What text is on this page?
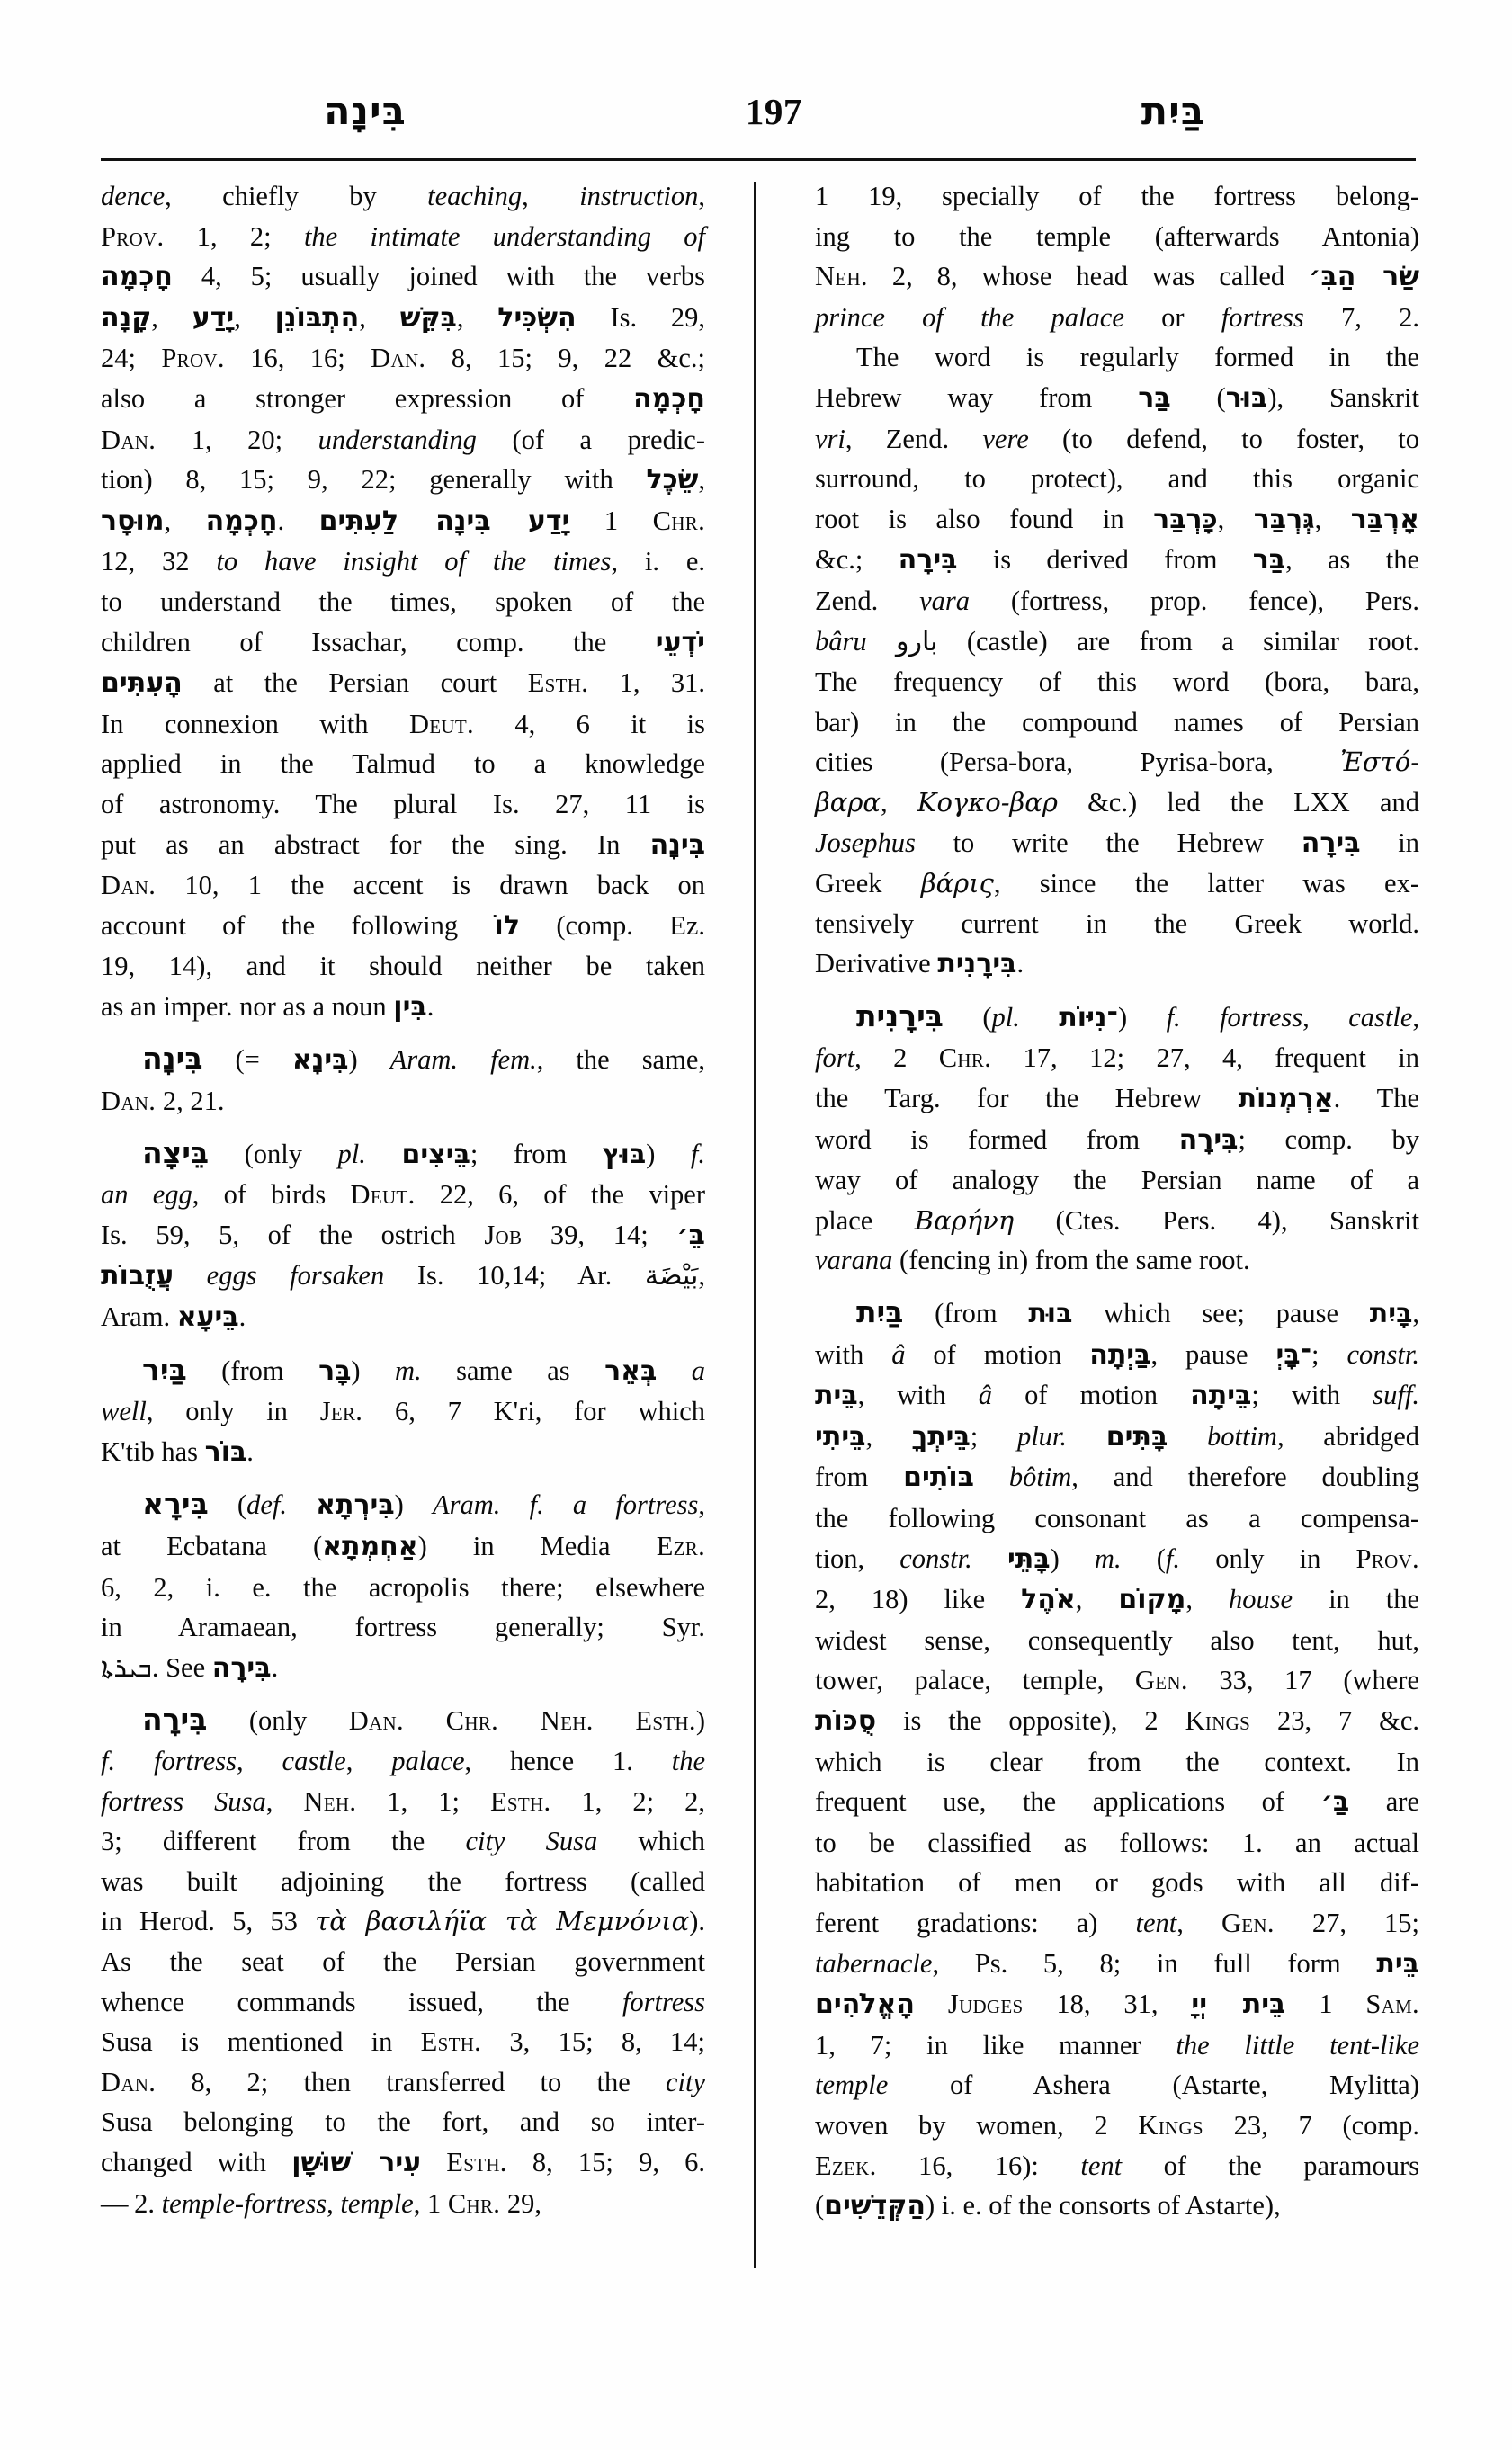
בִּינָה	197	בַּיִת

dence, chiefly by teaching, instruction,

Prov. 1, 2; the intimate understanding of

חָכְמָה 4, 5; usually joined with the verbs

קָנָה, יָדַע, הִתְבּוֹנֵן, בִּקֵּשׁ, הִשְׂכִּיל Is. 29,

24; Prov. 16, 16; Dan. 8, 15; 9, 22 &c.;

also a stronger expression of חָכְמָה

Dan. 1, 20; understanding (of a predic-

tion) 8, 15; 9, 22; generally with שֵׂכֶל,

מוּסָר, חָכְמָה. יָדַע בִּינָה לַעִתִּים 1 Chr.

12, 32 to have insight of the times, i. e.

to understand the times, spoken of the

children of Issachar, comp. the יֹדְעֵי

הָעִתִּים at the Persian court Esth. 1, 31.

In connexion with Deut. 4, 6 it is

applied in the Talmud to a knowledge

of astronomy. The plural Is. 27, 11 is

put as an abstract for the sing. In בִּינָה

Dan. 10, 1 the accent is drawn back on

account of the following לוֹ (comp. Ez.

19, 14), and it should neither be taken

as an imper. nor as a noun בִּין.

בִּינָה (= בִּינָא) Aram. fem., the same,

Dan. 2, 21.

בֵּיצָה (only pl. בֵּיצִים; from בּוּץ) f.

an egg, of birds Deut. 22, 6, of the viper

Is. 59, 5, of the ostrich Job 39, 14; בֵּ׳

עֲזֻבוֹת eggs forsaken Is. 10,14; Ar. بَيْضَة,

Aram. בֵּיעָא.

בַּיִר (from בָּר) m. same as בְּאֵר a

well, only in Jer. 6, 7 K'ri, for which

K'tib has בּוֹר.

בִּירָא (def. בִּירְתָא) Aram. f. a fortress,

at Ecbatana (אַחְמְתָא) in Media Ezr.

6, 2, i. e. the acropolis there; elsewhere

in Aramaean, fortress generally; Syr.

ܒܝܪܬܐ. See בִּירָה.

בִּירָה (only Dan. Chr. Neh. Esth.)

f. fortress, castle, palace, hence 1. the

fortress Susa, Neh. 1, 1; Esth. 1, 2; 2,

3; different from the city Susa which

was built adjoining the fortress (called

in Herod. 5, 53 τὰ βασιλήϊα τὰ Μεμνόνια).

As the seat of the Persian government

whence commands issued, the fortress

Susa is mentioned in Esth. 3, 15; 8, 14;

Dan. 8, 2; then transferred to the city

Susa belonging to the fort, and so inter-

changed with עִיר שׁוּשָׁן Esth. 8, 15; 9, 6.

— 2. temple-fortress, temple, 1 Chr. 29,

1 19, specially of the fortress belong-

ing to the temple (afterwards Antonia)

Neh. 2, 8, whose head was called שַׂר הַבִּ׳

prince of the palace or fortress 7, 2.

The word is regularly formed in the

Hebrew way from בַּר (בּוּר), Sanskrit

vri, Zend. vere (to defend, to foster, to

surround, to protect), and this organic

root is also found in כָּרְבַּר, גְּרְבַּר, אָרְבַּר

&c.; בִּירָה is derived from בַּר, as the

Zend. vara (fortress, prop. fence), Pers.

bâru بارو (castle) are from a similar root.

The frequency of this word (bora, bara,

bar) in the compound names of Persian

cities (Persa-bora, Pyrisa-bora, Ἐστό-

βαρα, Κογκο-βαρ &c.) led the LXX and

Josephus to write the Hebrew בִּירָה in

Greek βάρις, since the latter was ex-

tensively current in the Greek world.

Derivative בִּירָנִית.

בִּירָנִית (pl. ־נִיּוֹת) f. fortress, castle,

fort, 2 Chr. 17, 12; 27, 4, frequent in

the Targ. for the Hebrew אַרְמְנוֹת. The

word is formed from בִּירָה; comp. by

way of analogy the Persian name of a

place Βαρήνη (Ctes. Pers. 4), Sanskrit

varana (fencing in) from the same root.

בַּיִת (from בּוּת which see; pause בָּיִת,

with â of motion בַּיְתָה, pause ־בָּיְ; constr.

בֵּית, with â of motion בֵּיתָה; with suff.

בֵּיתִי, בֵּיתְךָ; plur. בָּתִּים bottim, abridged

from בּוֹתִים bôtim, and therefore doubling

the following consonant as a compensa-

tion, constr. בָּתֵּי) m. (f. only in Prov.

2, 18) like אֹהֶל, מָקוֹם, house in the

widest sense, consequently also tent, hut,

tower, palace, temple, Gen. 33, 17 (where

סֻכּוֹת is the opposite), 2 Kings 23, 7 &c.

which is clear from the context. In

frequent use, the applications of בַּ׳ are

to be classified as follows: 1. an actual

habitation of men or gods with all dif-

ferent gradations: a) tent, Gen. 27, 15;

tabernacle, Ps. 5, 8; in full form בֵּית

הָאֱלֹהִים Judges 18, 31, בֵּית יְיָ 1 Sam.

1, 7; in like manner the little tent-like

temple of Ashera (Astarte, Mylitta)

woven by women, 2 Kings 23, 7 (comp.

Ezek. 16, 16): tent of the paramours

(הַקְּדֵשִׁים) i. e. of the consorts of Astarte),
